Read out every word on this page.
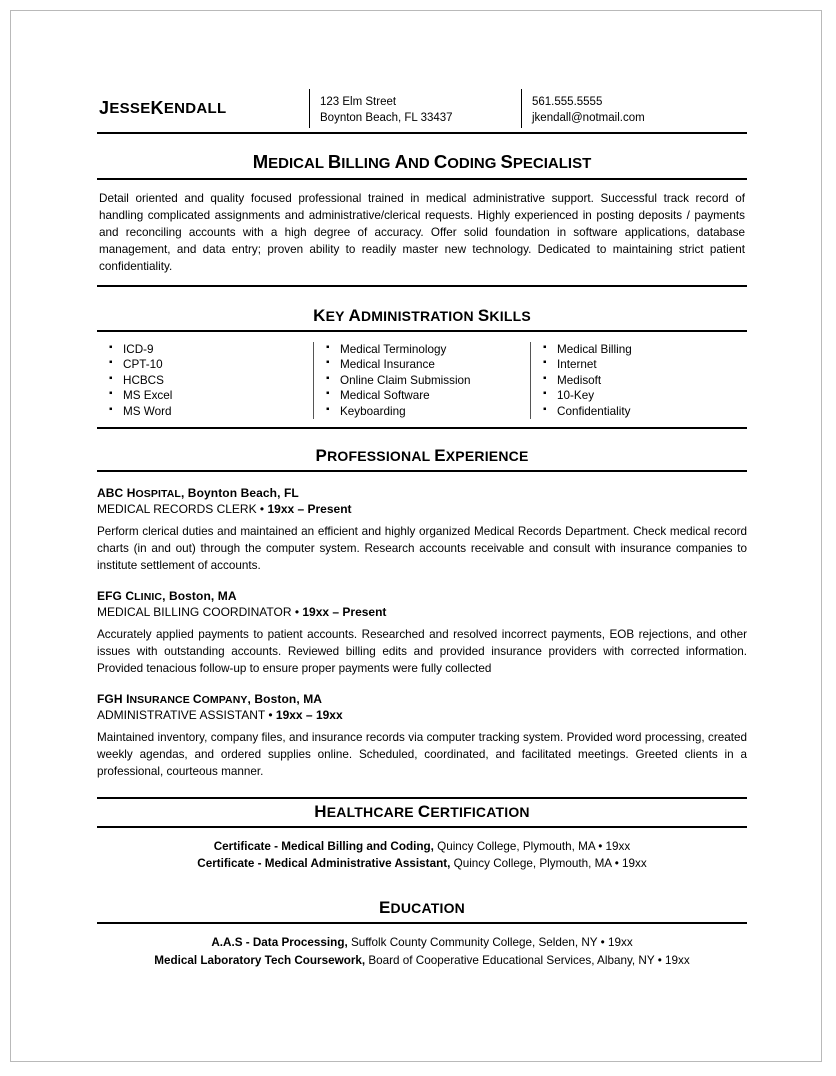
J ESSE K ENDALL	123 Elm Street
Boynton Beach, FL 33437
561.555.5555
jkendall@notmail.com
MEDICAL BILLING AND CODING SPECIALIST
Detail oriented and quality focused professional trained in medical administrative support. Successful track record of handling complicated assignments and administrative/clerical requests. Highly experienced in posting deposits / payments and reconciling accounts with a high degree of accuracy. Offer solid foundation in software applications, database management, and data entry; proven ability to readily master new technology. Dedicated to maintaining strict patient confidentiality.
KEY ADMINISTRATION SKILLS
▪ ICD-9
▪ CPT-10
▪ HCBCS
▪ MS Excel
▪ MS Word
▪ Medical Terminology
▪ Medical Insurance
▪ Online Claim Submission
▪ Medical Software
▪ Keyboarding
▪ Medical Billing
▪ Internet
▪ Medisoft
▪ 10-Key
▪ Confidentiality
PROFESSIONAL EXPERIENCE
ABC HOSPITAL, Boynton Beach, FL
MEDICAL RECORDS CLERK • 19xx – Present
Perform clerical duties and maintained an efficient and highly organized Medical Records Department. Check medical record charts (in and out) through the computer system. Research accounts receivable and consult with insurance companies to institute settlement of accounts.
EFG CLINIC, Boston, MA
MEDICAL BILLING COORDINATOR • 19xx – Present
Accurately applied payments to patient accounts. Researched and resolved incorrect payments, EOB rejections, and other issues with outstanding accounts. Reviewed billing edits and provided insurance providers with corrected information. Provided tenacious follow-up to ensure proper payments were fully collected
FGH INSURANCE COMPANY, Boston, MA
ADMINISTRATIVE ASSISTANT • 19xx – 19xx
Maintained inventory, company files, and insurance records via computer tracking system. Provided word processing, created weekly agendas, and ordered supplies online. Scheduled, coordinated, and facilitated meetings. Greeted clients in a professional, courteous manner.
HEALTHCARE CERTIFICATION
Certificate - Medical Billing and Coding, Quincy College, Plymouth, MA • 19xx
Certificate - Medical Administrative Assistant, Quincy College, Plymouth, MA • 19xx
EDUCATION
A.A.S - Data Processing, Suffolk County Community College, Selden, NY • 19xx
Medical Laboratory Tech Coursework, Board of Cooperative Educational Services, Albany, NY • 19xx
